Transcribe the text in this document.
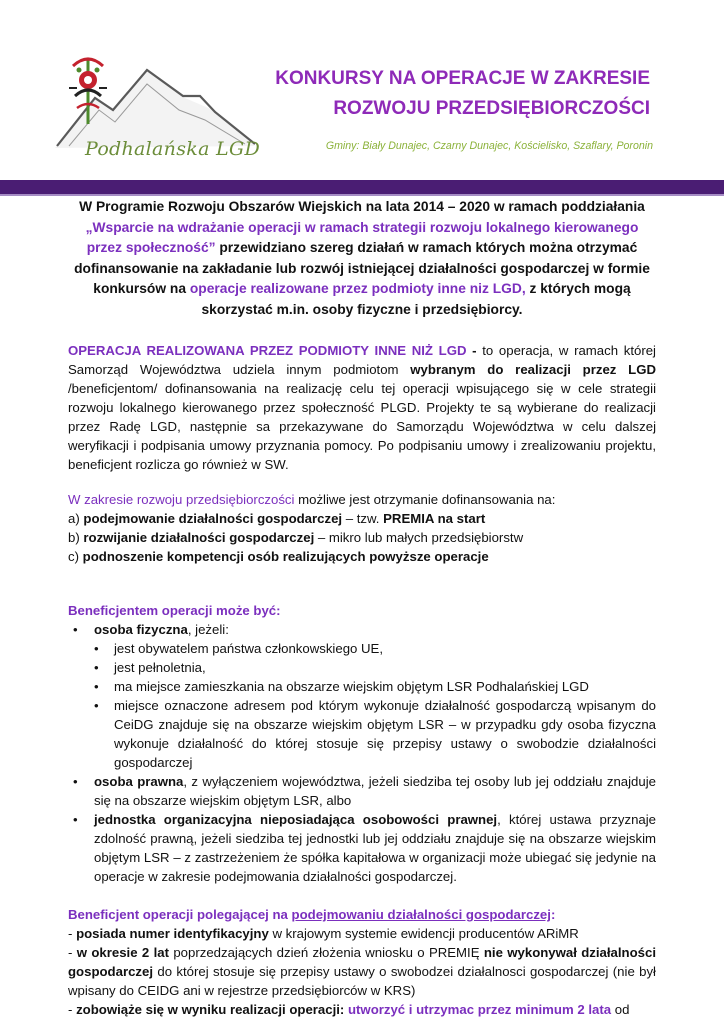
Podhalańska LGD
KONKURSY NA OPERACJE W ZAKRESIE
ROZWOJU PRZEDSIĘBIORCZOŚCI
Gminy: Biały Dunajec, Czarny Dunajec, Kościelisko, Szaflary, Poronin
W Programie Rozwoju Obszarów Wiejskich na lata 2014 – 2020 w ramach poddziałania „Wsparcie na wdrażanie operacji w ramach strategii rozwoju lokalnego kierowanego przez społeczność” przewidziano szereg działań w ramach których można otrzymać dofinansowanie na zakładanie lub rozwój istniejącej działalności gospodarczej w formie konkursów na operacje realizowane przez podmioty inne niz LGD, z których mogą skorzystać m.in. osoby fizyczne i przedsiębiorcy.
OPERACJA REALIZOWANA PRZEZ PODMIOTY INNE NIŻ LGD - to operacja, w ramach której Samorząd Województwa udziela innym podmiotom wybranym do realizacji przez LGD /beneficjentom/ dofinansowania na realizację celu tej operacji wpisującego się w cele strategii rozwoju lokalnego kierowanego przez społeczność PLGD. Projekty te są wybierane do realizacji przez Radę LGD, następnie sa przekazywane do Samorządu Województwa w celu dalszej weryfikacji i podpisania umowy przyznania pomocy. Po podpisaniu umowy i zrealizowaniu projektu, beneficjent rozlicza go również w SW.
W zakresie rozwoju przedsiębiorczości możliwe jest otrzymanie dofinansowania na:
a) podejmowanie działalności gospodarczej – tzw. PREMIA na start
b) rozwijanie działalności gospodarczej – mikro lub małych przedsiębiorstw
c) podnoszenie kompetencji osób realizujących powyższe operacje
Beneficjentem operacji może być:
• osoba fizyczna, jeżeli:
• jest obywatelem państwa członkowskiego UE,
• jest pełnoletnia,
• ma miejsce zamieszkania na obszarze wiejskim objętym LSR Podhalańskiej LGD
• miejsce oznaczone adresem pod którym wykonuje działalność gospodarczą wpisanym do CeiDG znajduje się na obszarze wiejskim objętym LSR – w przypadku gdy osoba fizyczna wykonuje działalność do której stosuje się przepisy ustawy o swobodzie działalności gospodarczej
• osoba prawna, z wyłączeniem województwa, jeżeli siedziba tej osoby lub jej oddziału znajduje się na obszarze wiejskim objętym LSR, albo
• jednostka organizacyjna nieposiadająca osobowości prawnej, której ustawa przyznaje zdolność prawną, jeżeli siedziba tej jednostki lub jej oddziału znajduje się na obszarze wiejskim objętym LSR – z zastrzeżeniem że spółka kapitałowa w organizacji może ubiegać się jedynie na operacje w zakresie podejmowania działalności gospodarczej.
Beneficjent operacji polegającej na podejmowaniu działalności gospodarczej:
- posiada numer identyfikacyjny w krajowym systemie ewidencji producentów ARiMR
- w okresie 2 lat poprzedzających dzień złożenia wniosku o PREMIĘ nie wykonywał działalności gospodarczej do której stosuje się przepisy ustawy o swobodzei działalnosci gospodarczej (nie był wpisany do CEIDG ani w rejestrze przedsiębiorców w KRS)
- zobowiąże się w wyniku realizacji operacji: utworzyć i utrzymac przez minimum 2 lata od
